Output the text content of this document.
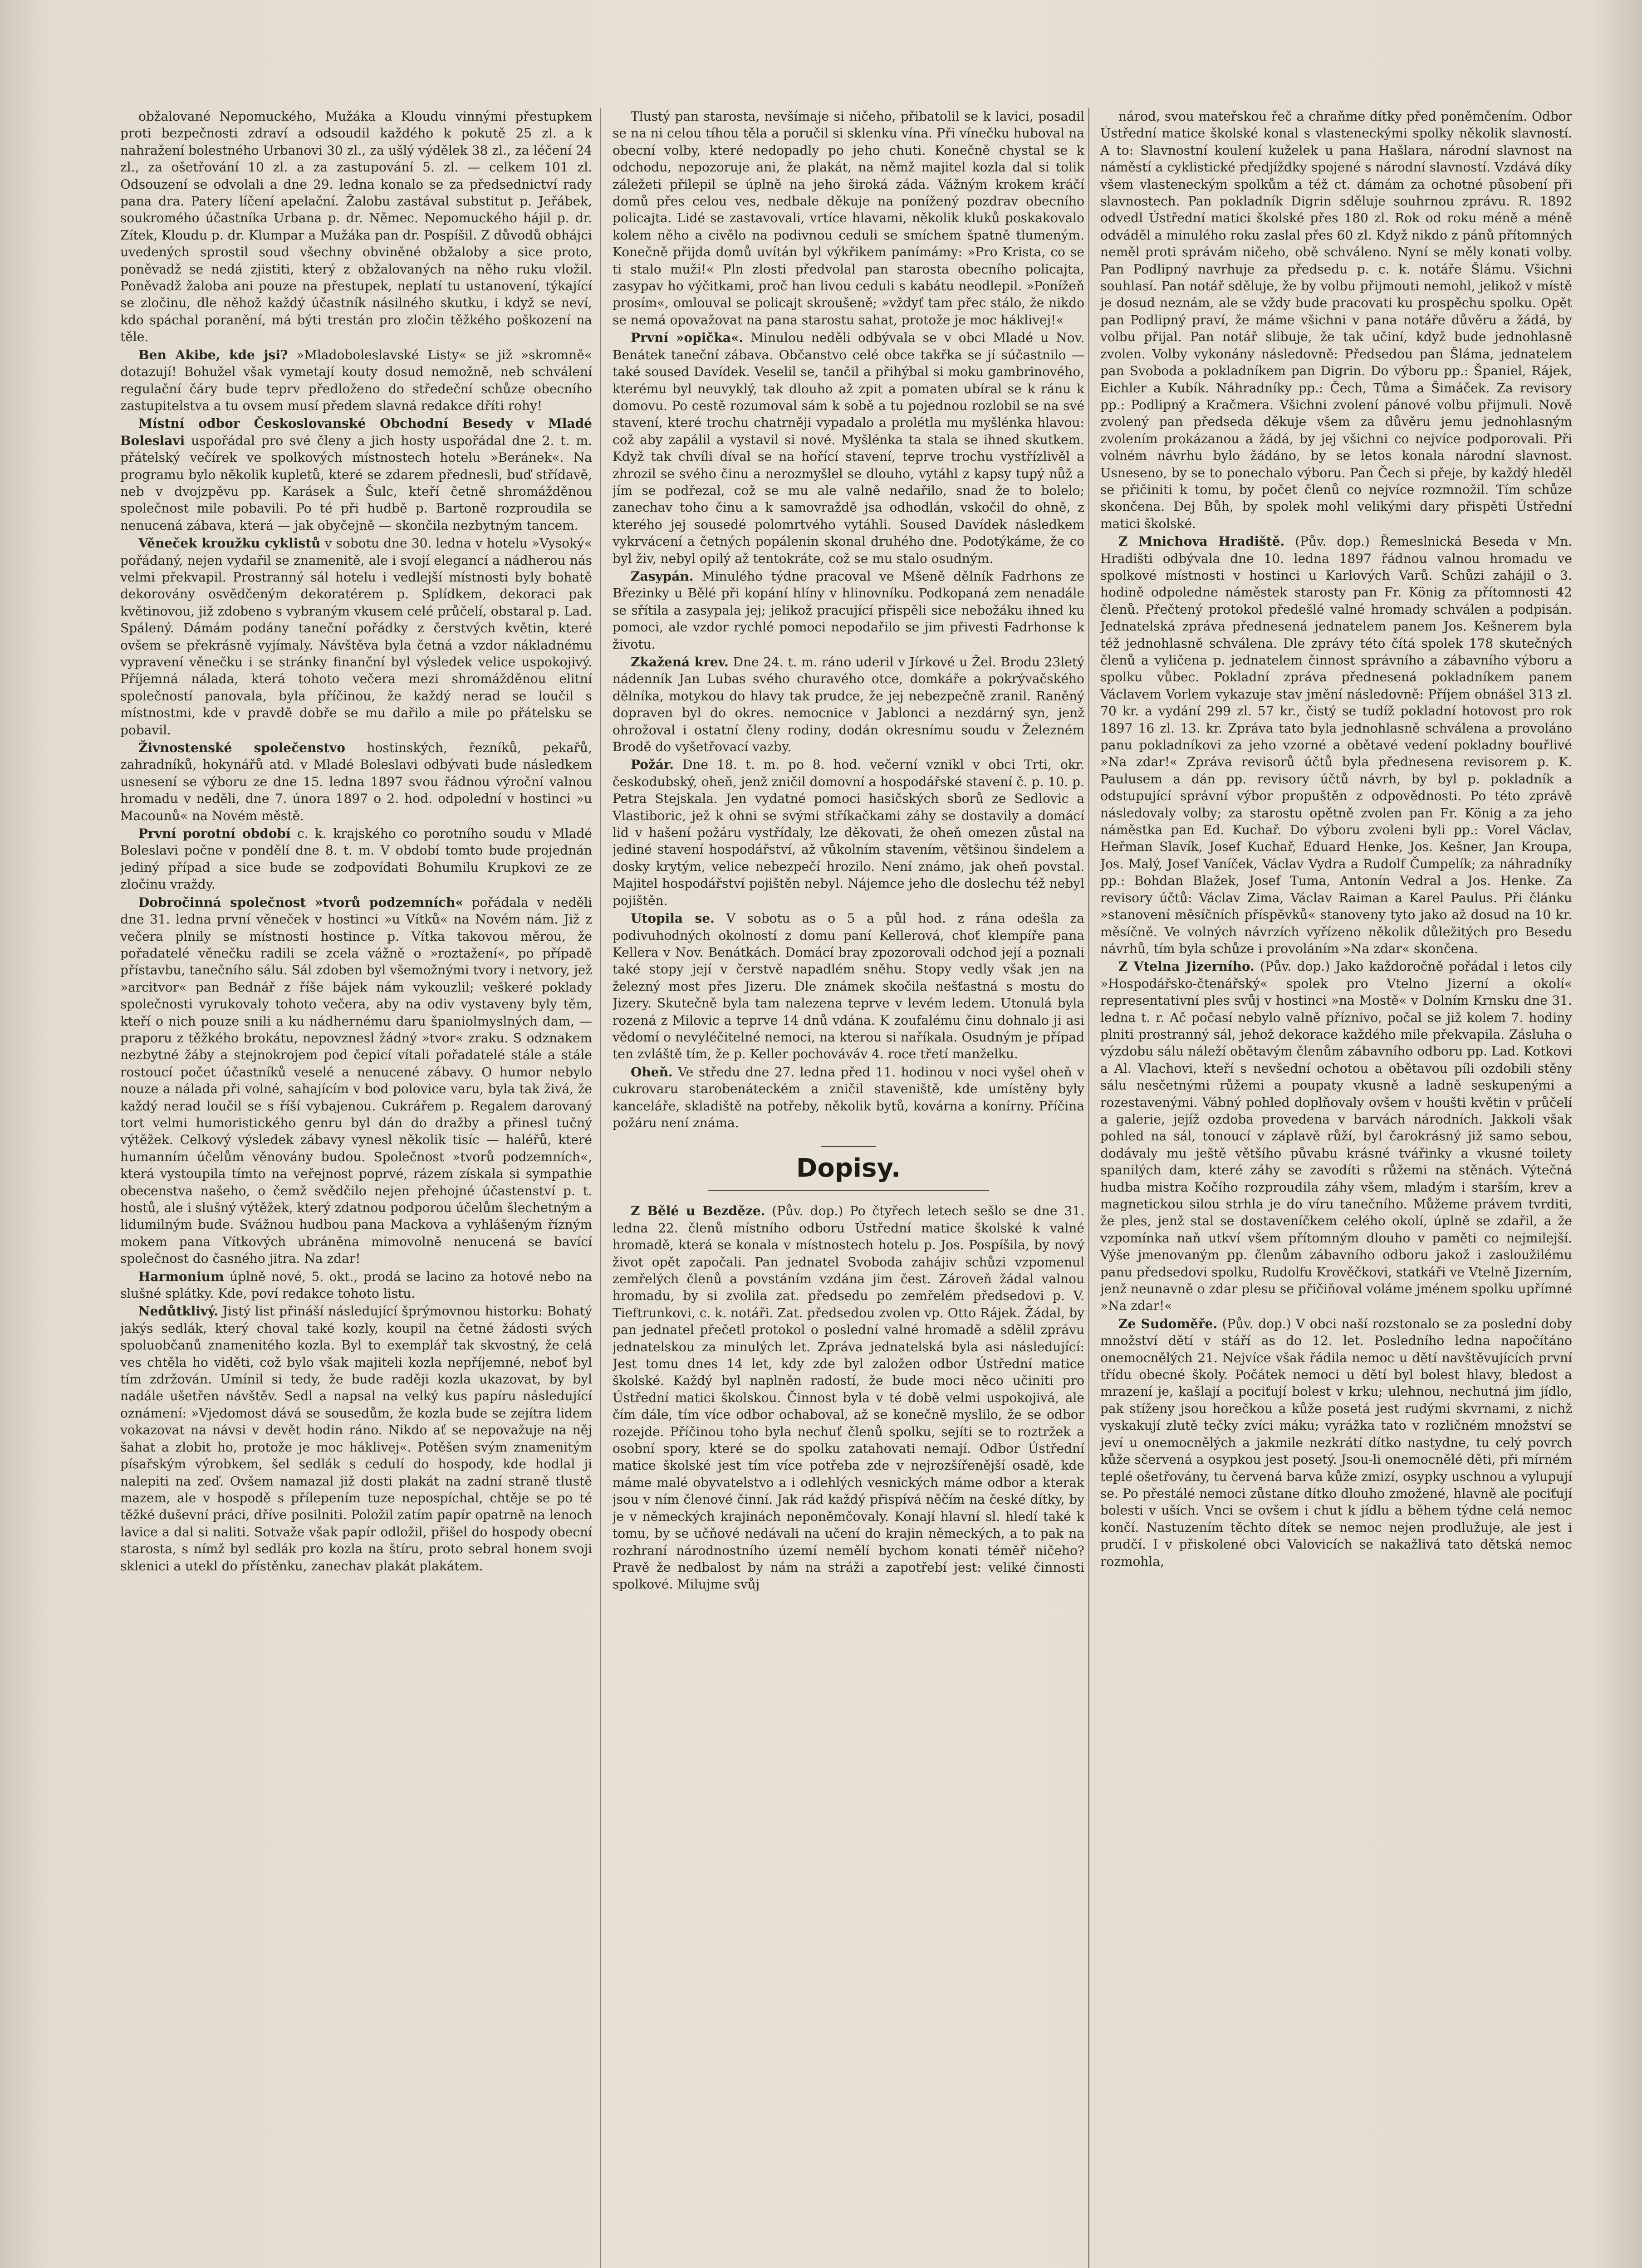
obžalované Nepomuckého, Mužáka a Kloudu vinnými přestupkem proti bezpečnosti zdraví a odsoudil každého k pokutě 25 zl. a k nahražení bolestného Urbanovi 30 zl., za ušlý výdělek 38 zl., za léčení 24 zl., za ošetřování 10 zl. a za zastupování 5. zl. — celkem 101 zl. Odsouzení se odvolali a dne 29. ledna konalo se za předsednictví rady pana dra. Patery líčení apelační. Žalobu zastával substitut p. Jeřábek, soukromého účastníka Urbana p. dr. Němec. Nepomuckého hájil p. dr. Zítek, Kloudu p. dr. Klumpar a Mužáka pan dr. Pospíšil. Z důvodů obhájci uvedených sprostil soud všechny obviněné obžaloby a sice proto, poněvadž se nedá zjistiti, který z obžalovaných na něho ruku vložil. Poněvadž žaloba ani pouze na přestupek, neplatí tu ustanovení, týkající se zločinu, dle něhož každý účastník násilného skutku, i když se neví, kdo spáchal poranění, má býti trestán pro zločin těžkého poškození na těle.

Ben Akibe, kde jsi? »Mladoboleslavské Listy« se již »skromně« dotazují! Bohužel však vymetají kouty dosud nemožně, neb schválení regulační čáry bude teprv předloženo do středeční schůze obecního zastupitelstva a tu ovsem musí předem slavná redakce dříti rohy!

Místní odbor Českoslovanské Obchodní Besedy v Mladé Boleslavi uspořádal pro své členy a jich hosty uspořádal dne 2. t. m. přátelský večírek ve spolkových místnostech hotelu »Beránek«. Na programu bylo několik kupletů, které se zdarem přednesli, buď střídavě, neb v dvojzpěvu pp. Karásek a Šulc, kteří četně shromážděnou společnost mile pobavili. Po té při hudbě p. Bartoně rozproudila se nenucená zábava, která — jak obyčejně — skončila nezbytným tancem.

Věneček kroužku cyklistů v sobotu dne 30. ledna v hotelu »Vysoký« pořádaný, nejen vydařil se znamenitě, ale i svojí elegancí a nádherou nás velmi překvapil. Prostranný sál hotelu i vedlejší místnosti byly bohatě dekorovány osvědčeným dekoratérem p. Splídkem, dekoraci pak květinovou, již zdobeno s vybraným vkusem celé průčelí, obstaral p. Lad. Spálený. Dámám podány taneční pořádky z čerstvých květin, které ovšem se překrásně vyjímaly. Návštěva byla četná a vzdor nákladnému vypravení věnečku i se stránky finanční byl výsledek velice uspokojivý. Příjemná nálada, která tohoto večera mezi shromážděnou elitní společností panovala, byla příčinou, že každý nerad se loučil s místnostmi, kde v pravdě dobře se mu dařilo a mile po přátelsku se pobavil.

Živnostenské společenstvo hostinských, řezníků, pekařů, zahradníků, hokynářů atd. v Mladé Boleslavi odbývati bude následkem usnesení se výboru ze dne 15. ledna 1897 svou řádnou výroční valnou hromadu v neděli, dne 7. února 1897 o 2. hod. odpolední v hostinci »u Macounů« na Novém městě.

První porotní období c. k. krajského co porotního soudu v Mladé Boleslavi počne v pondělí dne 8. t. m. V období tomto bude projednán jediný případ a sice bude se zodpovídati Bohumilu Krupkovi ze ze zločinu vraždy.

Dobročinná společnost »tvorů podzemních« pořádala v neděli dne 31. ledna první věneček v hostinci »u Vítků« na Novém nám. Již z večera plnily se místnosti hostince p. Vítka takovou měrou, že pořadatelé věnečku radili se zcela vážně o »roztažení«, po případě přístavbu, tanečního sálu. Sál zdoben byl všemožnými tvory i netvory, jež »arcitvor« pan Bednář z říše bájek nám vykouzlil; veškeré poklady společnosti vyrukovaly tohoto večera, aby na odiv vystaveny byly těm, kteří o nich pouze snili a ku nádhernému daru španiolmyslných dam, — praporu z těžkého brokátu, nepovznesl žádný »tvor« zraku. S odznakem nezbytné žáby a stejnokrojem pod čepicí vítali pořadatelé stále a stále rostoucí počet účastníků veselé a nenucené zábavy. O humor nebylo nouze a nálada při volné, sahajícím v bod polovice varu, byla tak živá, že každý nerad loučil se s říší vybajenou. Cukrářem p. Regalem darovaný tort velmi humoristického genru byl dán do dražby a přinesl tučný výtěžek. Celkový výsledek zábavy vynesl několik tisíc — haléřů, které humanním účelům věnovány budou. Společnost »tvorů podzemních«, která vystoupila tímto na veřejnost poprvé, rázem získala si sympathie obecenstva našeho, o čemž svědčilo nejen přehojné účastenství p. t. hostů, ale i slušný výtěžek, který zdatnou podporou účelům šlechetným a lidumilným bude. Svážnou hudbou pana Mackova a vyhlášeným řízným mokem pana Vítkových ubráněna mimovolně nenucená se bavící společnost do časného jitra. Na zdar!

Harmonium úplně nové, 5. okt., prodá se lacino za hotové nebo na slušné splátky. Kde, poví redakce tohoto listu.

Nedůtklivý. Jistý list přináší následující šprýmovnou historku: Bohatý jakýs sedlák, který choval také kozly, koupil na četné žádosti svých spoluobčanů znamenitého kozla. Byl to exemplář tak skvostný, že celá ves chtěla ho viděti, což bylo však majiteli kozla nepříjemné, neboť byl tím zdržován. Umínil si tedy, že bude raději kozla ukazovat, by byl nadále ušetřen návštěv. Sedl a napsal na velký kus papíru následující oznámení: »Vjedomost dává se sousedům, že kozla bude se zejítra lidem vokazovat na návsi v devět hodin ráno. Nikdo ať se nepovažuje na něj šahat a zlobit ho, protože je moc háklivej«. Potěšen svým znamenitým písařským výrobkem, šel sedlák s cedulí do hospody, kde hodlal ji nalepiti na zeď. Ovšem namazal již dosti plakát na zadní straně tlustě mazem, ale v hospodě s přílepením tuze nepospíchal, chtěje se po té těžké duševní práci, dříve posilniti. Položil zatím papír opatrně na lenoch lavice a dal si naliti. Sotvaže však papír odložil, přišel do hospody obecní starosta, s nímž byl sedlák pro kozla na štíru, proto sebral honem svoji sklenici a utekl do přístěnku, zanechav plakát plakátem.

Tlustý pan starosta, nevšímaje si ničeho, přibatolil se k lavici, posadil se na ni celou tíhou těla a poručil si sklenku vína. Při vínečku huboval na obecní volby, které nedopadly po jeho chuti. Konečně chystal se k odchodu, nepozoruje ani, že plakát, na němž majitel kozla dal si tolik záležeti přilepil se úplně na jeho široká záda. Vážným krokem kráčí domů přes celou ves, nedbale děkuje na ponížený pozdrav obecního policajta. Lidé se zastavovali, vrtíce hlavami, několik kluků poskakovalo kolem něho a civělo na podivnou ceduli se smíchem špatně tlumeným. Konečně přijda domů uvítán byl výkřikem panímámy: »Pro Krista, co se ti stalo muži!« Pln zlosti předvolal pan starosta obecního policajta, zasypav ho výčitkami, proč han livou ceduli s kabátu neodlepil. »Ponížeň prosím«, omlouval se policajt skroušeně; »vždyť tam přec stálo, že nikdo se nemá opovažovat na pana starostu sahat, protože je moc háklivej!«

První »opička«. Minulou neděli odbývala se v obci Mladé u Nov. Benátek taneční zábava. Občanstvo celé obce takřka se jí súčastnilo — také soused Davídek. Veselil se, tančil a přihýbal si moku gambrinového, kterému byl neuvyklý, tak dlouho až zpit a pomaten ubíral se k ránu k domovu. Po cestě rozumoval sám k sobě a tu pojednou rozlobil se na své stavení, které trochu chatrněji vypadalo a prolétla mu myšlénka hlavou: což aby zapálil a vystavil si nové. Myšlénka ta stala se ihned skutkem. Když tak chvíli díval se na hořící stavení, teprve trochu vystřízlivěl a zhrozil se svého činu a nerozmyšlel se dlouho, vytáhl z kapsy tupý nůž a jím se podřezal, což se mu ale valně nedařilo, snad že to bolelo; zanechav toho činu a k samovraždě jsa odhodlán, vskočil do ohně, z kterého jej sousedé polomrtvého vytáhli. Soused Davídek následkem vykrvácení a četných popálenin skonal druhého dne. Podotýkáme, že co byl živ, nebyl opilý až tentokráte, což se mu stalo osudným.

Zasypán. Minulého týdne pracoval ve Mšeně dělník Fadrhons ze Březinky u Bělé při kopání hlíny v hlinovníku. Podkopaná zem nenadále se sřítila a zasypala jej; jelikož pracující přispěli sice nebožáku ihned ku pomoci, ale vzdor rychlé pomoci nepodařilo se jim přivesti Fadrhonse k životu.

Zkažená krev. Dne 24. t. m. ráno uderil v Jírkové u Žel. Brodu 23letý nádenník Jan Lubas svého churavého otce, domkáře a pokrývačského dělníka, motykou do hlavy tak prudce, že jej nebezpečně zranil. Raněný dopraven byl do okres. nemocnice v Jablonci a nezdárný syn, jenž ohrožoval i ostatní členy rodiny, dodán okresnímu soudu v Železném Brodě do vyšetřovací vazby.

Požár. Dne 18. t. m. po 8. hod. večerní vznikl v obci Trti, okr. českodubský, oheň, jenž zničil domovní a hospodářské stavení č. p. 10. p. Petra Stejskala. Jen vydatné pomoci hasičských sborů ze Sedlovic a Vlastiboric, jež k ohni se svými stříkačkami záhy se dostavily a domácí lid v hašení požáru vystřídaly, lze děkovati, že oheň omezen zůstal na jediné stavení hospodářství, až vůkolním stavením, většinou šindelem a dosky krytým, velice nebezpečí hrozilo. Není známo, jak oheň povstal. Majitel hospodářství pojištěn nebyl. Nájemce jeho dle doslechu též nebyl pojištěn.

Utopila se. V sobotu as o 5 a půl hod. z rána odešla za podivuhodných okolností z domu paní Kellerová, choť klempíře pana Kellera v Nov. Benátkách. Domácí bray zpozorovali odchod její a poznali také stopy její v čerstvě napadlém sněhu. Stopy vedly však jen na železný most přes Jizeru. Dle známek skočila nešťastná s mostu do Jizery. Skutečně byla tam nalezena teprve v levém ledem. Utonulá byla rozená z Milovic a teprve 14 dnů vdána. K zoufalému činu dohnalo ji asi vědomí o nevyléčitelné nemoci, na kterou si naříkala. Osudným je případ ten zvláště tím, že p. Keller pochováváv 4. roce třetí manželku.

Oheň. Ve středu dne 27. ledna před 11. hodinou v noci vyšel oheň v cukrovaru starobenáteckém a zničil staveniště, kde umístěny byly kanceláře, skladiště na potřeby, několik bytů, kovárna a konírny. Příčina požáru není známa.

Dopisy.

Z Bělé u Bezděze. (Pův. dop.) Po čtyřech letech sešlo se dne 31. ledna 22. členů místního odboru Ústřední matice školské k valné hromadě, která se konala v místnostech hotelu p. Jos. Pospíšila, by nový život opět započali. Pan jednatel Svoboda zahájiv schůzi vzpomenul zemřelých členů a povstáním vzdána jim čest. Zároveň žádal valnou hromadu, by si zvolila zat. předsedu po zemřelém předsedovi p. V. Tieftrunkovi, c. k. notáři. Zat. předsedou zvolen vp. Otto Rájek. Žádal, by pan jednatel přečetl protokol o poslední valné hromadě a sdělil zprávu jednatelskou za minulých let. Zpráva jednatelská byla asi následující: Jest tomu dnes 14 let, kdy zde byl založen odbor Ústřední matice školské. Každý byl naplněn radostí, že bude moci něco učiniti pro Ústřední matici školskou. Činnost byla v té době velmi uspokojivá, ale čím dále, tím více odbor ochaboval, až se konečně myslilo, že se odbor rozejde. Příčinou toho byla nechuť členů spolku, sejíti se to roztržek a osobní spory, které se do spolku zatahovati nemají. Odbor Ústřední matice školské jest tím více potřeba zde v nejrozšířenější osadě, kde máme malé obyvatelstvo a i odlehlých vesnických máme odbor a kterak jsou v ním členové činní. Jak rád každý přispívá něčím na české dítky, by je v německých krajinách neponěmčovaly. Konají hlavní sl. hledí také k tomu, by se učňové nedávali na učení do krajin německých, a to pak na rozhraní národnostního území nemělí bychom konati téměř ničeho? Pravě že nedbalost by nám na stráži a zapotřebí jest: veliké činnosti spolkové. Milujme svůj

národ, svou mateřskou řeč a chraňme dítky před poněmčením. Odbor Ústřední matice školské konal s vlasteneckými spolky několik slavností. A to: Slavnostní koulení kuželek u pana Hašlara, národní slavnost na náměstí a cyklistické předjíždky spojené s národní slavností. Vzdává díky všem vlasteneckým spolkům a též ct. dámám za ochotné působení při slavnostech. Pan pokladník Digrin sděluje souhrnou zprávu. R. 1892 odvedl Ústřední matici školské přes 180 zl. Rok od roku méně a méně odváděl a minulého roku zaslal přes 60 zl. Když nikdo z pánů přítomných neměl proti správám ničeho, obě schváleno. Nyní se měly konati volby. Pan Podlipný navrhuje za předsedu p. c. k. notáře Šlámu. Všichni souhlasí. Pan notář sděluje, že by volbu přijmouti nemohl, jelikož v místě je dosud neznám, ale se vždy bude pracovati ku prospěchu spolku. Opět pan Podlipný praví, že máme všichni v pana notáře důvěru a žádá, by volbu přijal. Pan notář slibuje, že tak učiní, když bude jednohlasně zvolen. Volby vykonány následovně: Předsedou pan Šláma, jednatelem pan Svoboda a pokladníkem pan Digrin. Do výboru pp.: Španiel, Rájek, Eichler a Kubík. Náhradníky pp.: Čech, Tůma a Šimáček. Za revisory pp.: Podlipný a Kračmera. Všichni zvolení pánové volbu přijmuli. Nově zvolený pan předseda děkuje všem za důvěru jemu jednohlasným zvolením prokázanou a žádá, by jej všichni co nejvíce podporovali. Při volném návrhu bylo žádáno, by se letos konala národní slavnost. Usneseno, by se to ponechalo výboru. Pan Čech si přeje, by každý hleděl se přičiniti k tomu, by počet členů co nejvíce rozmnožil. Tím schůze skončena. Dej Bůh, by spolek mohl velikými dary přispěti Ústřední matici školské.

Z Mnichova Hradiště. (Pův. dop.) Řemeslnická Beseda v Mn. Hradišti odbývala dne 10. ledna 1897 řádnou valnou hromadu ve spolkové místnosti v hostinci u Karlových Varů. Schůzi zahájil o 3. hodině odpoledne náměstek starosty pan Fr. König za přítomnosti 42 členů. Přečtený protokol předešlé valné hromady schválen a podpisán. Jednatelská zpráva přednesená jednatelem panem Jos. Kešnerem byla též jednohlasně schválena. Dle zprávy této čítá spolek 178 skutečných členů a vyličena p. jednatelem činnost správního a zábavního výboru a spolku vůbec. Pokladní zpráva přednesená pokladníkem panem Václavem Vorlem vykazuje stav jmění následovně: Příjem obnášel 313 zl. 70 kr. a vydání 299 zl. 57 kr., čistý se tudíž pokladní hotovost pro rok 1897 16 zl. 13. kr. Zpráva tato byla jednohlasně schválena a provoláno panu pokladníkovi za jeho vzorné a obětavé vedení pokladny bouřlivé »Na zdar!« Zpráva revisorů účtů byla přednesena revisorem p. K. Paulusem a dán pp. revisory účtů návrh, by byl p. pokladník a odstupující správní výbor propuštěn z odpovědnosti. Po této zprávě následovaly volby; za starostu opětně zvolen pan Fr. König a za jeho náměstka pan Ed. Kuchař. Do výboru zvoleni byli pp.: Vorel Václav, Heřman Slavík, Josef Kuchař, Eduard Henke, Jos. Kešner, Jan Kroupa, Jos. Malý, Josef Vaníček, Václav Vydra a Rudolf Čumpelík; za náhradníky pp.: Bohdan Blažek, Josef Tuma, Antonín Vedral a Jos. Henke. Za revisory účtů: Václav Zima, Václav Raiman a Karel Paulus. Při článku »stanovení měsíčních příspěvků« stanoveny tyto jako až dosud na 10 kr. měsíčně. Ve volných návrzích vyřízeno několik důležitých pro Besedu návrhů, tím byla schůze i provoláním »Na zdar« skončena.

Z Vtelna Jizerního. (Pův. dop.) Jako každoročně pořádal i letos cily »Hospodářsko-čtenářský« spolek pro Vtelno Jizerní a okolí« representativní ples svůj v hostinci »na Mostě« v Dolním Krnsku dne 31. ledna t. r. Ač počasí nebylo valně příznivo, počal se již kolem 7. hodiny plniti prostranný sál, jehož dekorace každého mile překvapila. Zásluha o výzdobu sálu náleží obětavým členům zábavního odboru pp. Lad. Kotkovi a Al. Vlachovi, kteří s nevšední ochotou a obětavou píli ozdobili stěny sálu nesčetnými růžemi a poupaty vkusně a ladně seskupenými a rozestavenými. Vábný pohled doplňovaly ovšem v houšti květin v průčelí a galerie, jejíž ozdoba provedena v barvách národních. Jakkoli však pohled na sál, tonoucí v záplavě růží, byl čarokrásný již samo sebou, dodávaly mu ještě většího půvabu krásné tvářinky a vkusné toilety spanilých dam, které záhy se zavodíti s růžemi na stěnách. Výtečná hudba mistra Kočího rozproudila záhy všem, mladým i starším, krev a magnetickou silou strhla je do víru tanečního. Můžeme právem tvrditi, že ples, jenž stal se dostaveníčkem celého okolí, úplně se zdařil, a že vzpomínka naň utkví všem přítomným dlouho v paměti co nejmilejší. Výše jmenovaným pp. členům zábavního odboru jakož i zasloužilému panu předsedovi spolku, Rudolfu Krověčkovi, statkáři ve Vtelně Jizerním, jenž neunavně o zdar plesu se přičiňoval voláme jménem spolku upřímné »Na zdar!«

Ze Sudoměře. (Pův. dop.) V obci naší rozstonalo se za poslední doby množství dětí v stáří as do 12. let. Posledního ledna napočítáno onemocnělých 21. Nejvíce však řádila nemoc u dětí navštěvujících první třídu obecné školy. Počátek nemoci u dětí byl bolest hlavy, bledost a mrazení je, kašlají a pociťují bolest v krku; ulehnou, nechutná jim jídlo, pak stíženy jsou horečkou a kůže posetá jest rudými skvrnami, z nichž vyskakují zlutě tečky zvíci máku; vyrážka tato v rozličném množství se jeví u onemocnělých a jakmile nezkrátí dítko nastydne, tu celý povrch kůže sčervená a osypkou jest posetý. Jsou-li onemocnělé děti, při mírném teplé ošetřovány, tu červená barva kůže zmizí, osypky uschnou a vylupují se. Po přestálé nemoci zůstane dítko dlouho zmožené, hlavně ale pociťují bolesti v uších. Vnci se ovšem i chut k jídlu a během týdne celá nemoc končí. Nastuzením těchto dítek se nemoc nejen prodlužuje, ale jest i prudčí. I v přiskolené obci Valovicích se nakažlivá tato dětská nemoc rozmohla,
